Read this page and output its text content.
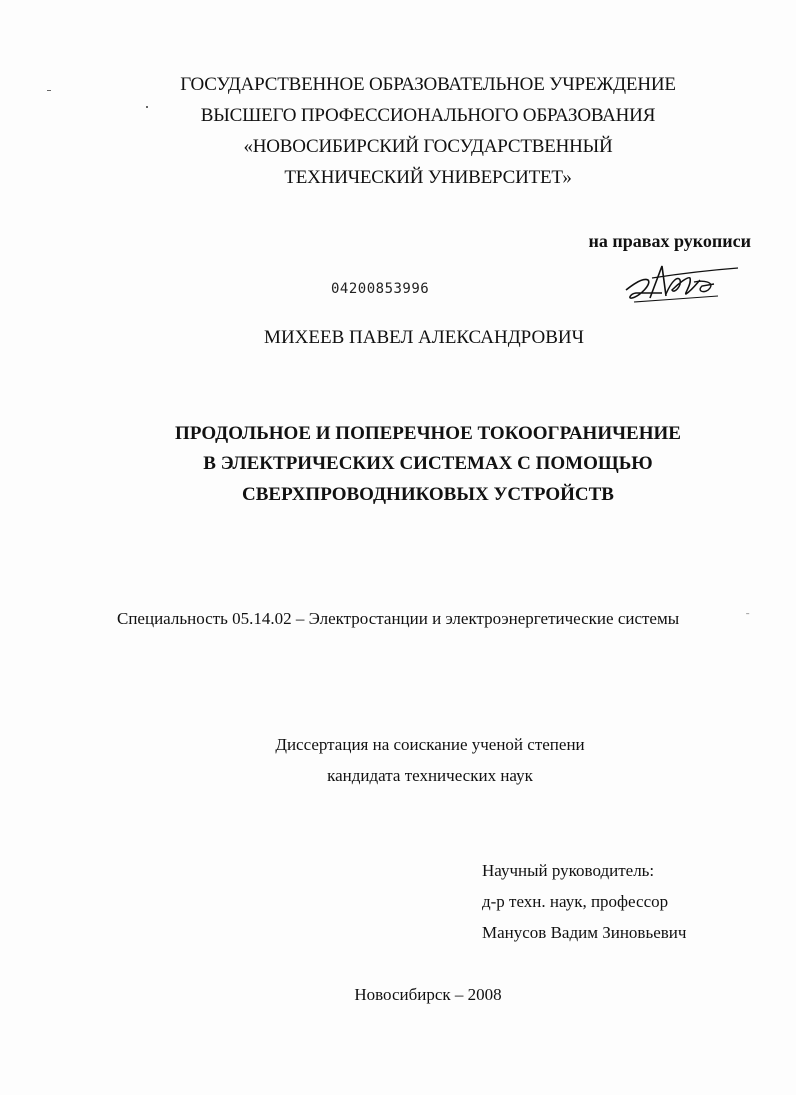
ГОСУДАРСТВЕННОЕ ОБРАЗОВАТЕЛЬНОЕ УЧРЕЖДЕНИЕ
ВЫСШЕГО ПРОФЕССИОНАЛЬНОГО ОБРАЗОВАНИЯ
«НОВОСИБИРСКИЙ ГОСУДАРСТВЕННЫЙ
ТЕХНИЧЕСКИЙ УНИВЕРСИТЕТ»
на правах рукописи
04200853996
МИХЕЕВ ПАВЕЛ АЛЕКСАНДРОВИЧ
ПРОДОЛЬНОЕ И ПОПЕРЕЧНОЕ ТОКООГРАНИЧЕНИЕ
В ЭЛЕКТРИЧЕСКИХ СИСТЕМАХ С ПОМОЩЬЮ
СВЕРХПРОВОДНИКОВЫХ УСТРОЙСТВ
Специальность 05.14.02 – Электростанции и электроэнергетические системы	ˉ
Диссертация на соискание ученой степени
кандидата технических наук
Научный руководитель:
д-р техн. наук, профессор
Манусов Вадим Зиновьевич
Новосибирск – 2008
